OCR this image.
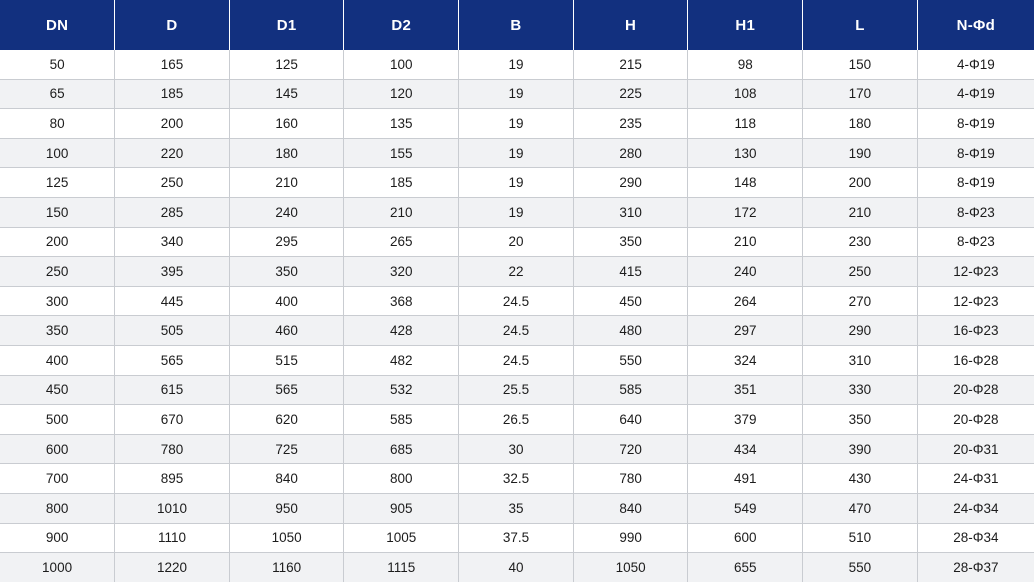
DN	D	D1	D2	B	H	H1	L	N-Φd
50	165	125	100	19	215	98	150	4-Φ19
65	185	145	120	19	225	108	170	4-Φ19
80	200	160	135	19	235	118	180	8-Φ19
100	220	180	155	19	280	130	190	8-Φ19
125	250	210	185	19	290	148	200	8-Φ19
150	285	240	210	19	310	172	210	8-Φ23
200	340	295	265	20	350	210	230	8-Φ23
250	395	350	320	22	415	240	250	12-Φ23
300	445	400	368	24.5	450	264	270	12-Φ23
350	505	460	428	24.5	480	297	290	16-Φ23
400	565	515	482	24.5	550	324	310	16-Φ28
450	615	565	532	25.5	585	351	330	20-Φ28
500	670	620	585	26.5	640	379	350	20-Φ28
600	780	725	685	30	720	434	390	20-Φ31
700	895	840	800	32.5	780	491	430	24-Φ31
800	1010	950	905	35	840	549	470	24-Φ34
900	1110	1050	1005	37.5	990	600	510	28-Φ34
1000	1220	1160	1115	40	1050	655	550	28-Φ37
